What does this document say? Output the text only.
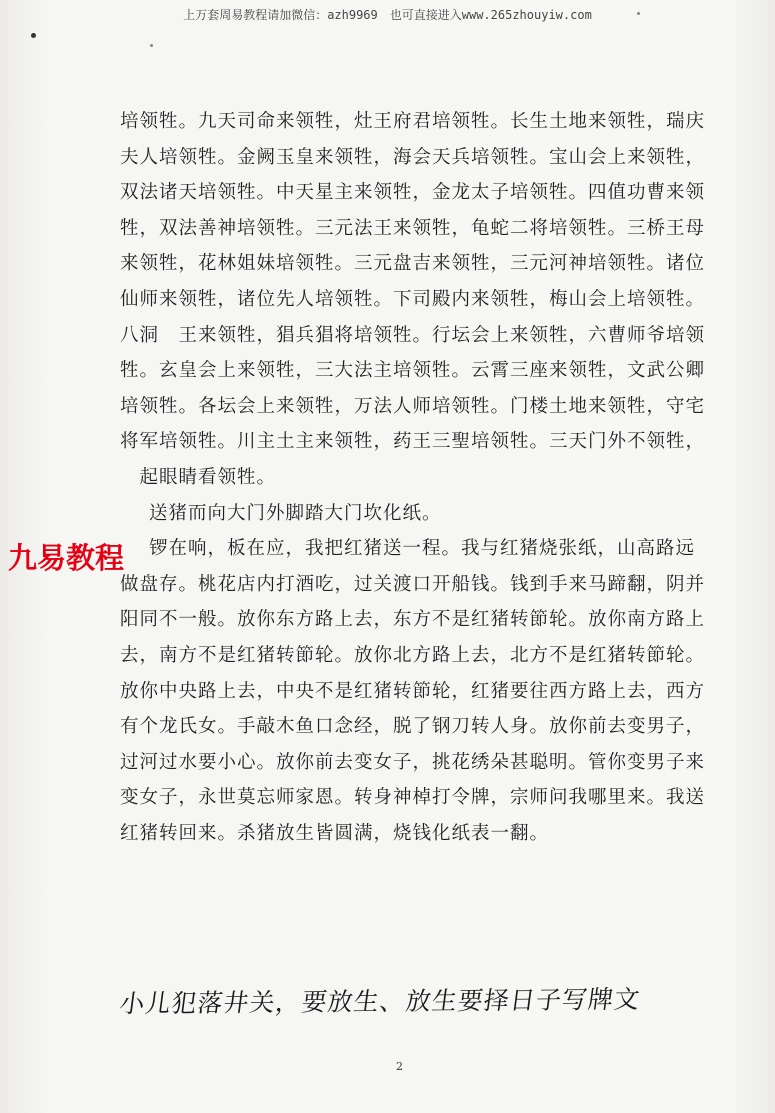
上万套周易教程请加微信：azh9969　也可直接进入www.265zhouyiw.com
培领牲。九天司命来领牲，灶王府君培领牲。长生土地来领牲，瑞庆
夫人培领牲。金阙玉皇来领牲，海会天兵培领牲。宝山会上来领牲，
双法诸天培领牲。中天星主来领牲，金龙太子培领牲。四值功曹来领
牲，双法善神培领牲。三元法王来领牲，龟蛇二将培领牲。三桥王母
来领牲，花林姐妹培领牲。三元盘吉来领牲，三元河神培领牲。诸位
仙师来领牲，诸位先人培领牲。下司殿内来领牲，梅山会上培领牲。
八洞　王来领牲，猖兵猖将培领牲。行坛会上来领牲，六曹师爷培领
牲。玄皇会上来领牲，三大法主培领牲。云霄三座来领牲，文武公卿
培领牲。各坛会上来领牲，万法人师培领牲。门楼土地来领牲，守宅
将军培领牲。川主土主来领牲，药王三聖培领牲。三天门外不领牲，
　起眼睛看领牲。
送猪而向大门外脚踏大门坎化纸。
锣在响，板在应，我把红猪送一程。我与红猪烧张纸，山高路远
做盘存。桃花店内打酒吃，过关渡口开船钱。钱到手来马蹄翻，阴并
阳同不一般。放你东方路上去，东方不是红猪转節轮。放你南方路上
去，南方不是红猪转節轮。放你北方路上去，北方不是红猪转節轮。
放你中央路上去，中央不是红猪转節轮，红猪要往西方路上去，西方
有个龙氏女。手敲木鱼口念经，脱了钢刀转人身。放你前去变男子，
过河过水要小心。放你前去变女子，挑花绣朵甚聪明。管你变男子来
变女子，永世莫忘师家恩。转身神棹打令牌，宗师问我哪里来。我送
红猪转回来。杀猪放生皆圆满，烧钱化纸表一翻。
九易教程
小儿犯落井关，要放生、放生要择日子写牌文
2
